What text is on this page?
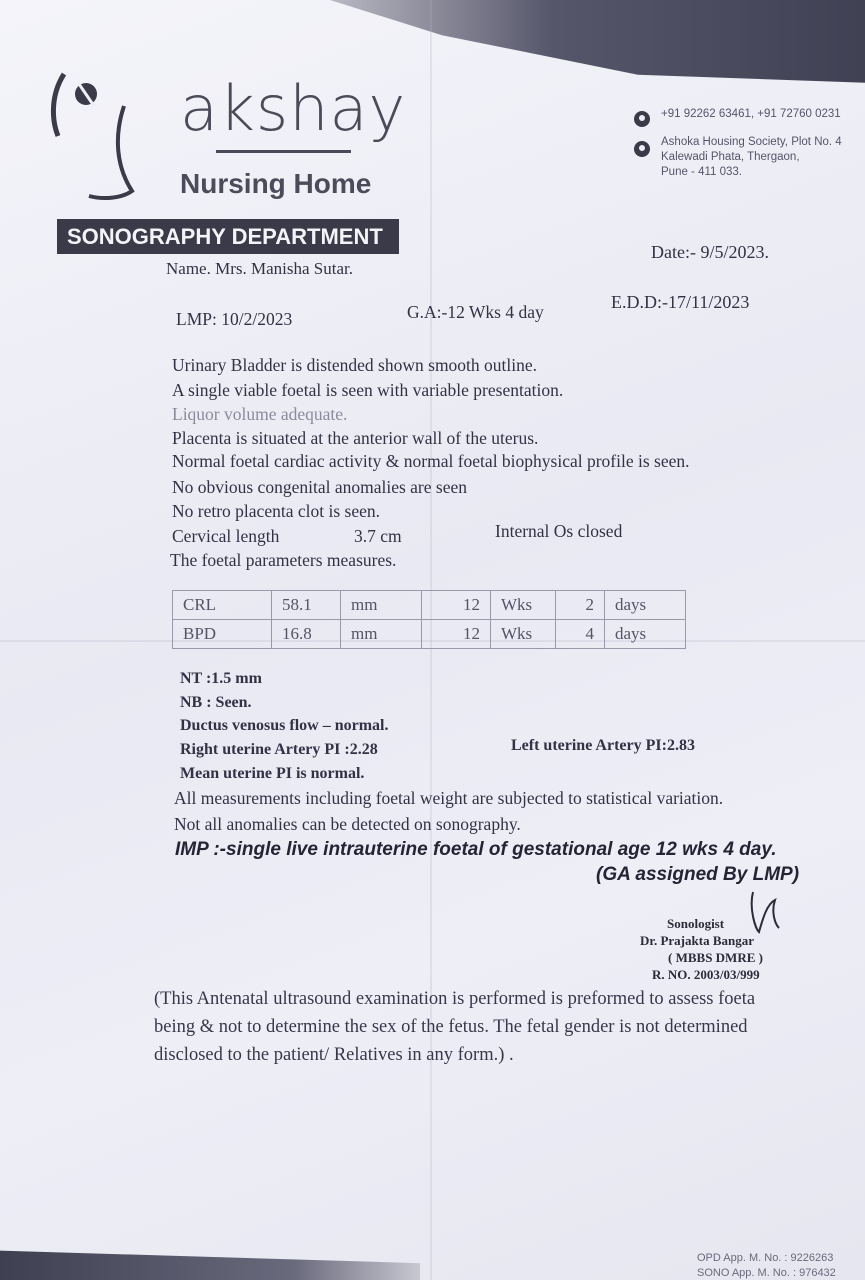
akshay
Nursing Home
SONOGRAPHY DEPARTMENT
+91 92262 63461, +91 72760 0231
Ashoka Housing Society, Plot No. 4
Kalewadi Phata, Thergaon,
Pune - 411 033.
Name. Mrs. Manisha Sutar.
Date:- 9/5/2023.
LMP: 10/2/2023	G.A:-12 Wks 4 day	E.D.D:-17/11/2023
Urinary Bladder is distended shown smooth outline.
A single viable foetal is seen with variable presentation.
Liquor volume adequate.
Placenta is situated at the anterior wall of the uterus.
Normal foetal cardiac activity & normal foetal biophysical profile is seen.
No obvious congenital anomalies are seen
No retro placenta clot is seen.
Cervical length	3.7 cm	Internal Os closed
The foetal parameters measures.
CRL	58.1	mm	12	Wks	2	days
BPD	16.8	mm	12	Wks	4	days
NT :1.5 mm
NB : Seen.
Ductus venosus flow – normal.
Right uterine Artery PI :2.28	Left uterine Artery PI:2.83
Mean uterine PI is normal.
All measurements including foetal weight are subjected to statistical variation.
Not all anomalies can be detected on sonography.
IMP :-single live intrauterine foetal of gestational age 12 wks 4 day.
(GA assigned By LMP)
Sonologist
Dr. Prajakta Bangar
( MBBS DMRE )
R. NO. 2003/03/999
(This Antenatal ultrasound examination is performed is preformed to assess foeta
being & not to determine the sex of the fetus. The fetal gender is not determined
disclosed to the patient/ Relatives in any form.) .
OPD App. M. No. : 9226263
SONO App. M. No. : 976432
